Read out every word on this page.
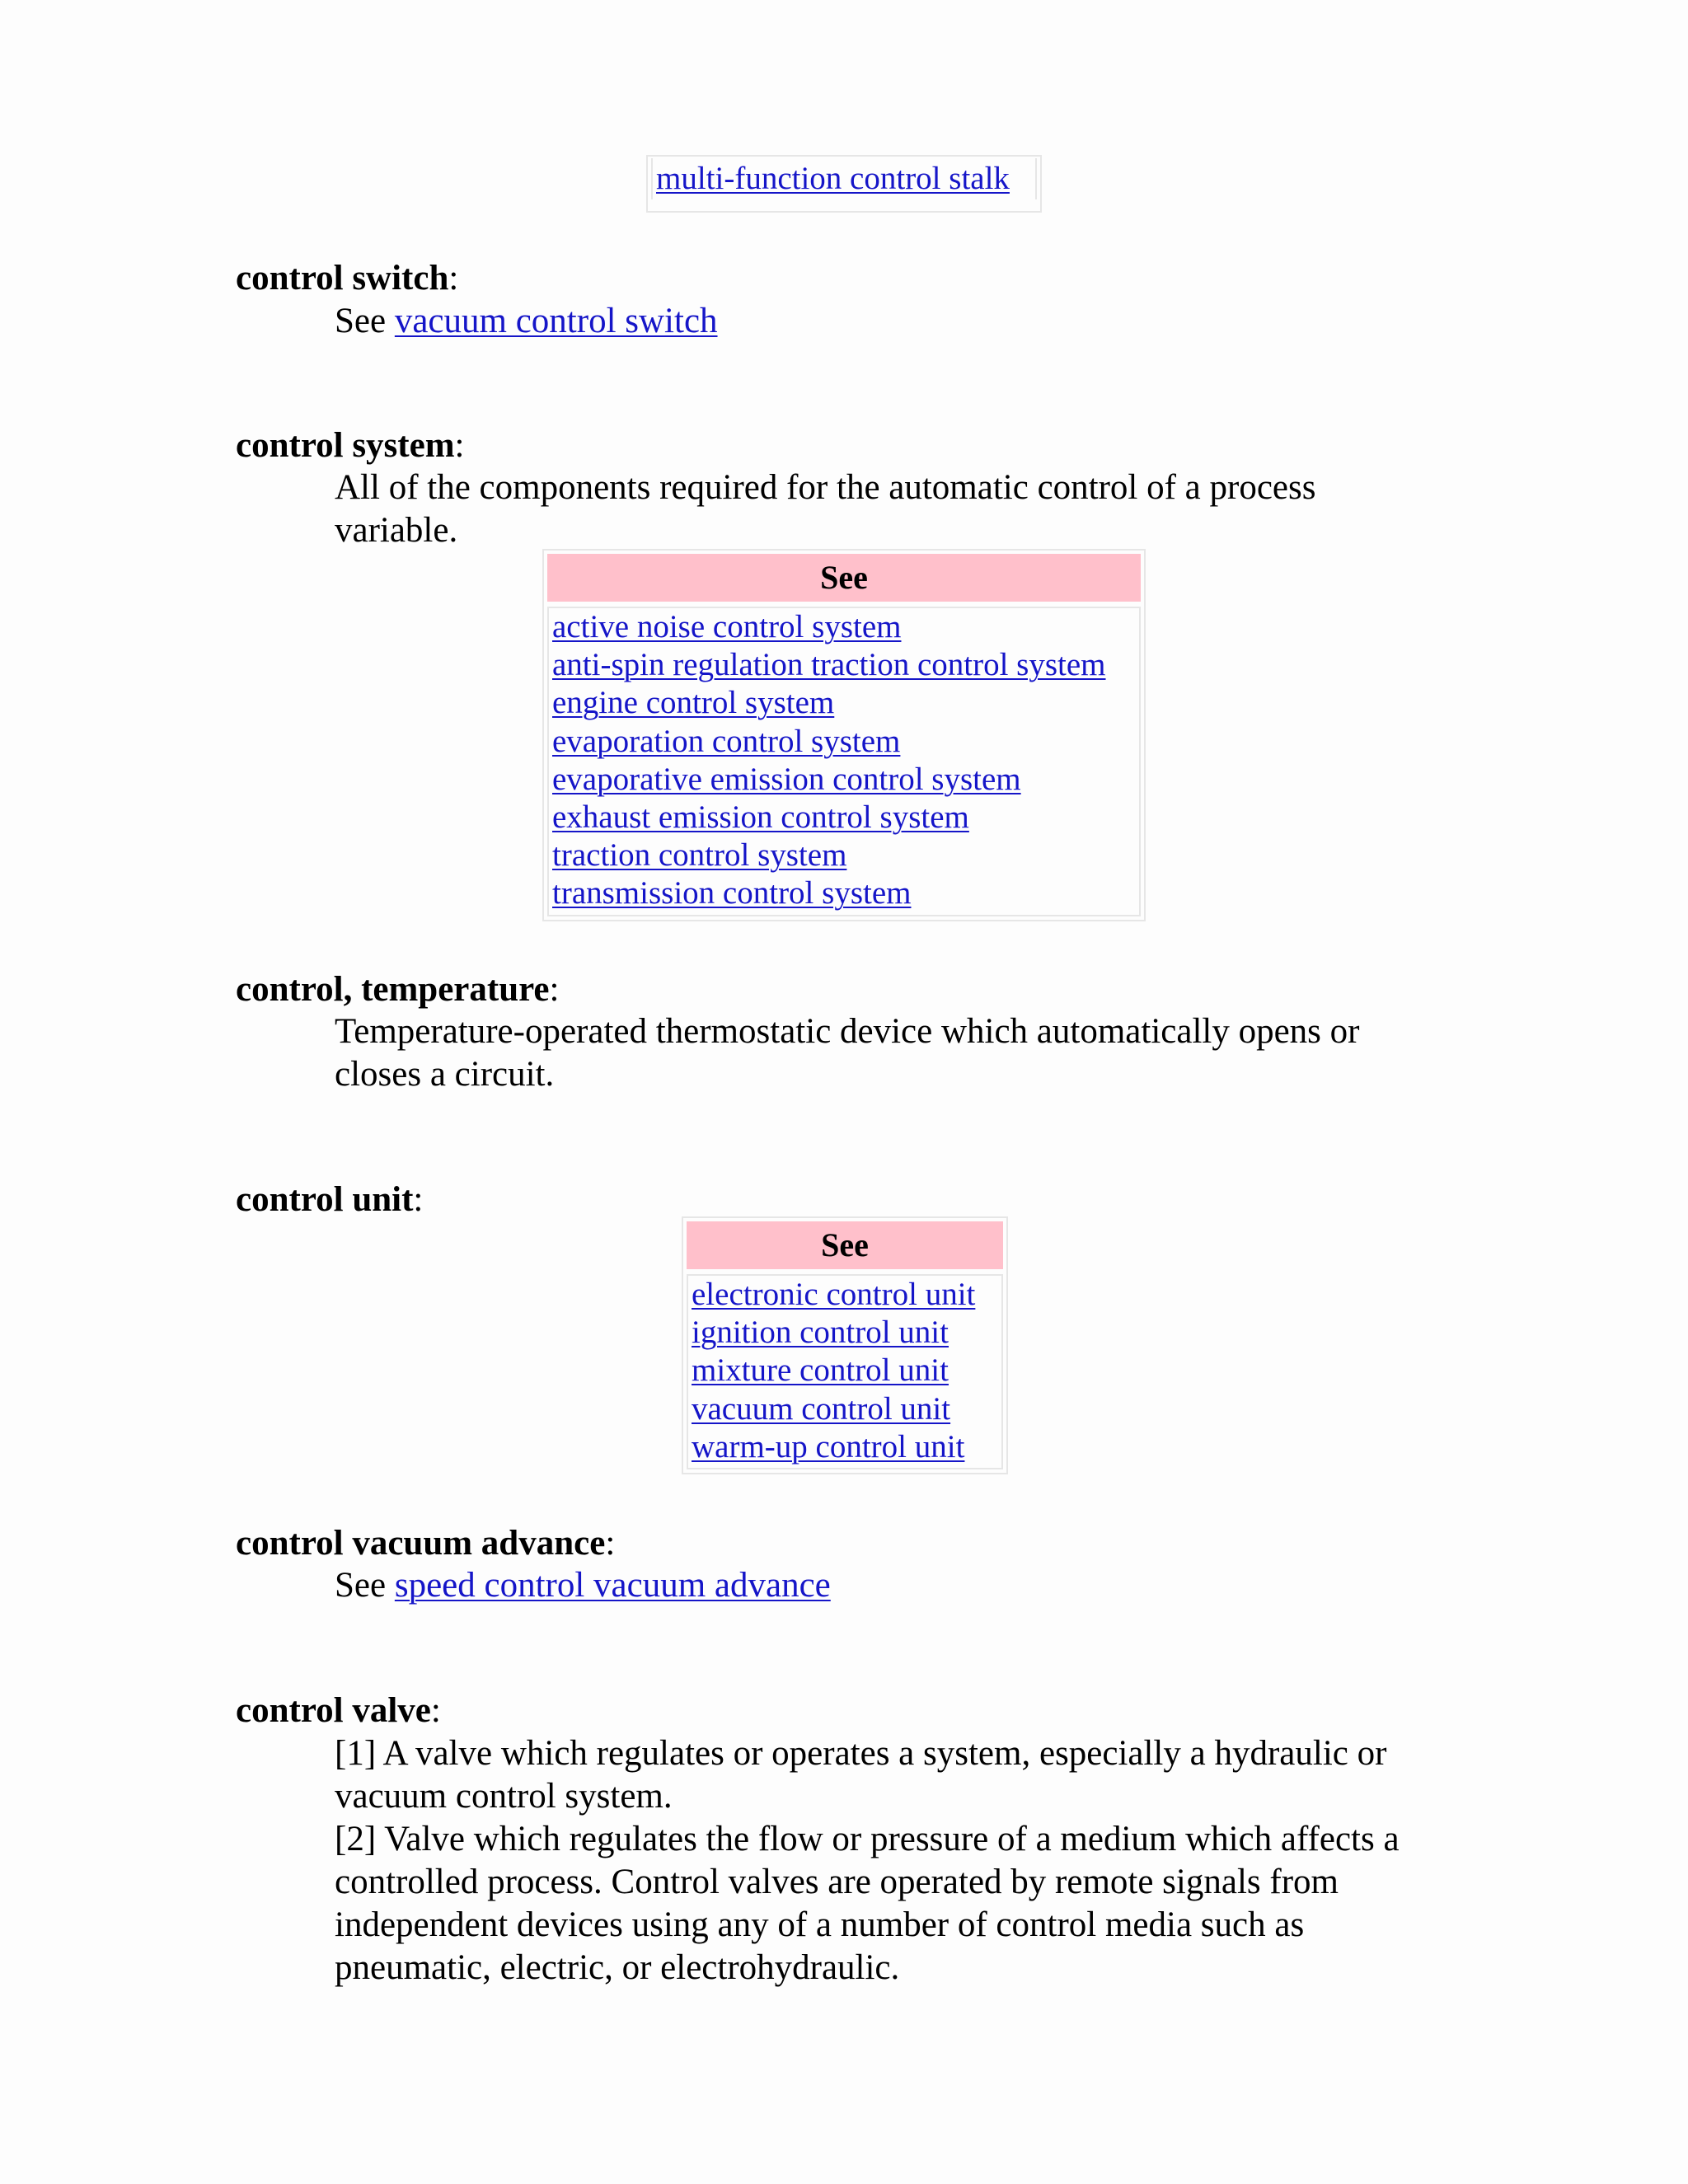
multi-function control stalk
control switch:
See vacuum control switch
control system:
All of the components required for the automatic control of a process variable.
See
active noise control system
anti-spin regulation traction control system
engine control system
evaporation control system
evaporative emission control system
exhaust emission control system
traction control system
transmission control system
control, temperature:
Temperature-operated thermostatic device which automatically opens or closes a circuit.
control unit:
See
electronic control unit
ignition control unit
mixture control unit
vacuum control unit
warm-up control unit
control vacuum advance:
See speed control vacuum advance
control valve:
[1] A valve which regulates or operates a system, especially a hydraulic or vacuum control system.
[2] Valve which regulates the flow or pressure of a medium which affects a controlled process. Control valves are operated by remote signals from independent devices using any of a number of control media such as pneumatic, electric, or electrohydraulic.
